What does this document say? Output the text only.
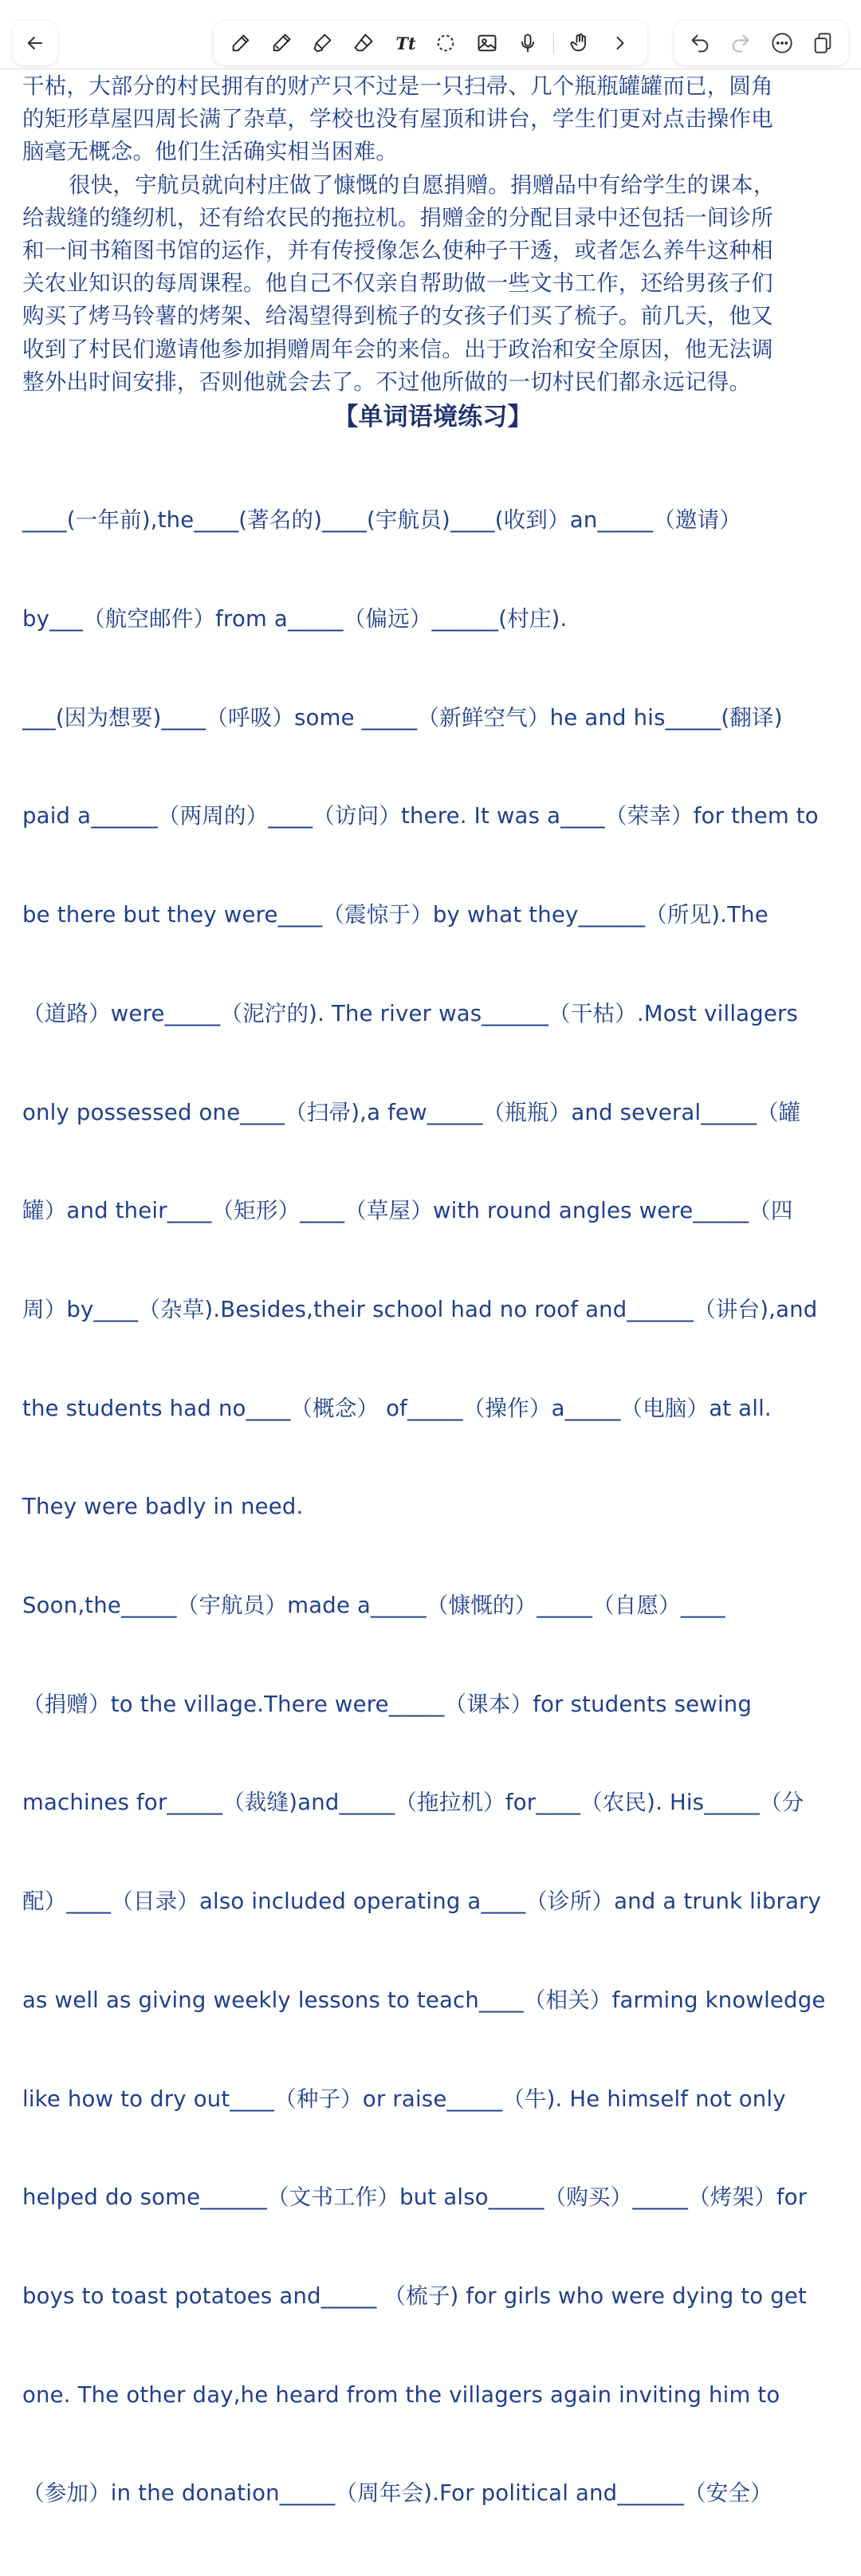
Tt
干枯，大部分的村民拥有的财产只不过是一只扫帚、几个瓶瓶罐罐而已，圆角
的矩形草屋四周长满了杂草，学校也没有屋顶和讲台，学生们更对点击操作电
脑毫无概念。他们生活确实相当困难。
很快，宇航员就向村庄做了慷慨的自愿捐赠。捐赠品中有给学生的课本，
给裁缝的缝纫机，还有给农民的拖拉机。捐赠金的分配目录中还包括一间诊所
和一间书箱图书馆的运作，并有传授像怎么使种子干透，或者怎么养牛这种相
关农业知识的每周课程。他自己不仅亲自帮助做一些文书工作，还给男孩子们
购买了烤马铃薯的烤架、给渴望得到梳子的女孩子们买了梳子。前几天，他又
收到了村民们邀请他参加捐赠周年会的来信。出于政治和安全原因，他无法调
整外出时间安排，否则他就会去了。不过他所做的一切村民们都永远记得。
【单词语境练习】

____(一年前),the____(著名的)____(宇航员)____(收到）an_____（邀请）

by___（航空邮件）from a_____（偏远）______(村庄).

___(因为想要)____（呼吸）some _____（新鲜空气）he and his_____(翻译)

paid a______（两周的）____（访问）there. It was a____（荣幸）for them to

be there but they were____（震惊于）by what they______（所见).The

（道路）were_____（泥泞的). The river was______（干枯）.Most villagers

only possessed one____（扫帚),a few_____（瓶瓶）and several_____（罐

罐）and their____（矩形）____（草屋）with round angles were_____（四

周）by____（杂草).Besides,their school had no roof and______（讲台),and

the students had no____（概念） of_____（操作）a_____（电脑）at all.

They were badly in need.

Soon,the_____（宇航员）made a_____（慷慨的）_____（自愿）____

（捐赠）to the village.There were_____（课本）for students sewing

machines for_____（裁缝)and_____（拖拉机）for____（农民). His_____（分

配）____（目录）also included operating a____（诊所）and a trunk library

as well as giving weekly lessons to teach____（相关）farming knowledge

like how to dry out____（种子）or raise_____（牛). He himself not only

helped do some______（文书工作）but also_____（购买）_____（烤架）for

boys to toast potatoes and_____ （梳子) for girls who were dying to get

one. The other day,he heard from the villagers again inviting him to

（参加）in the donation_____（周年会).For political and______（安全）
